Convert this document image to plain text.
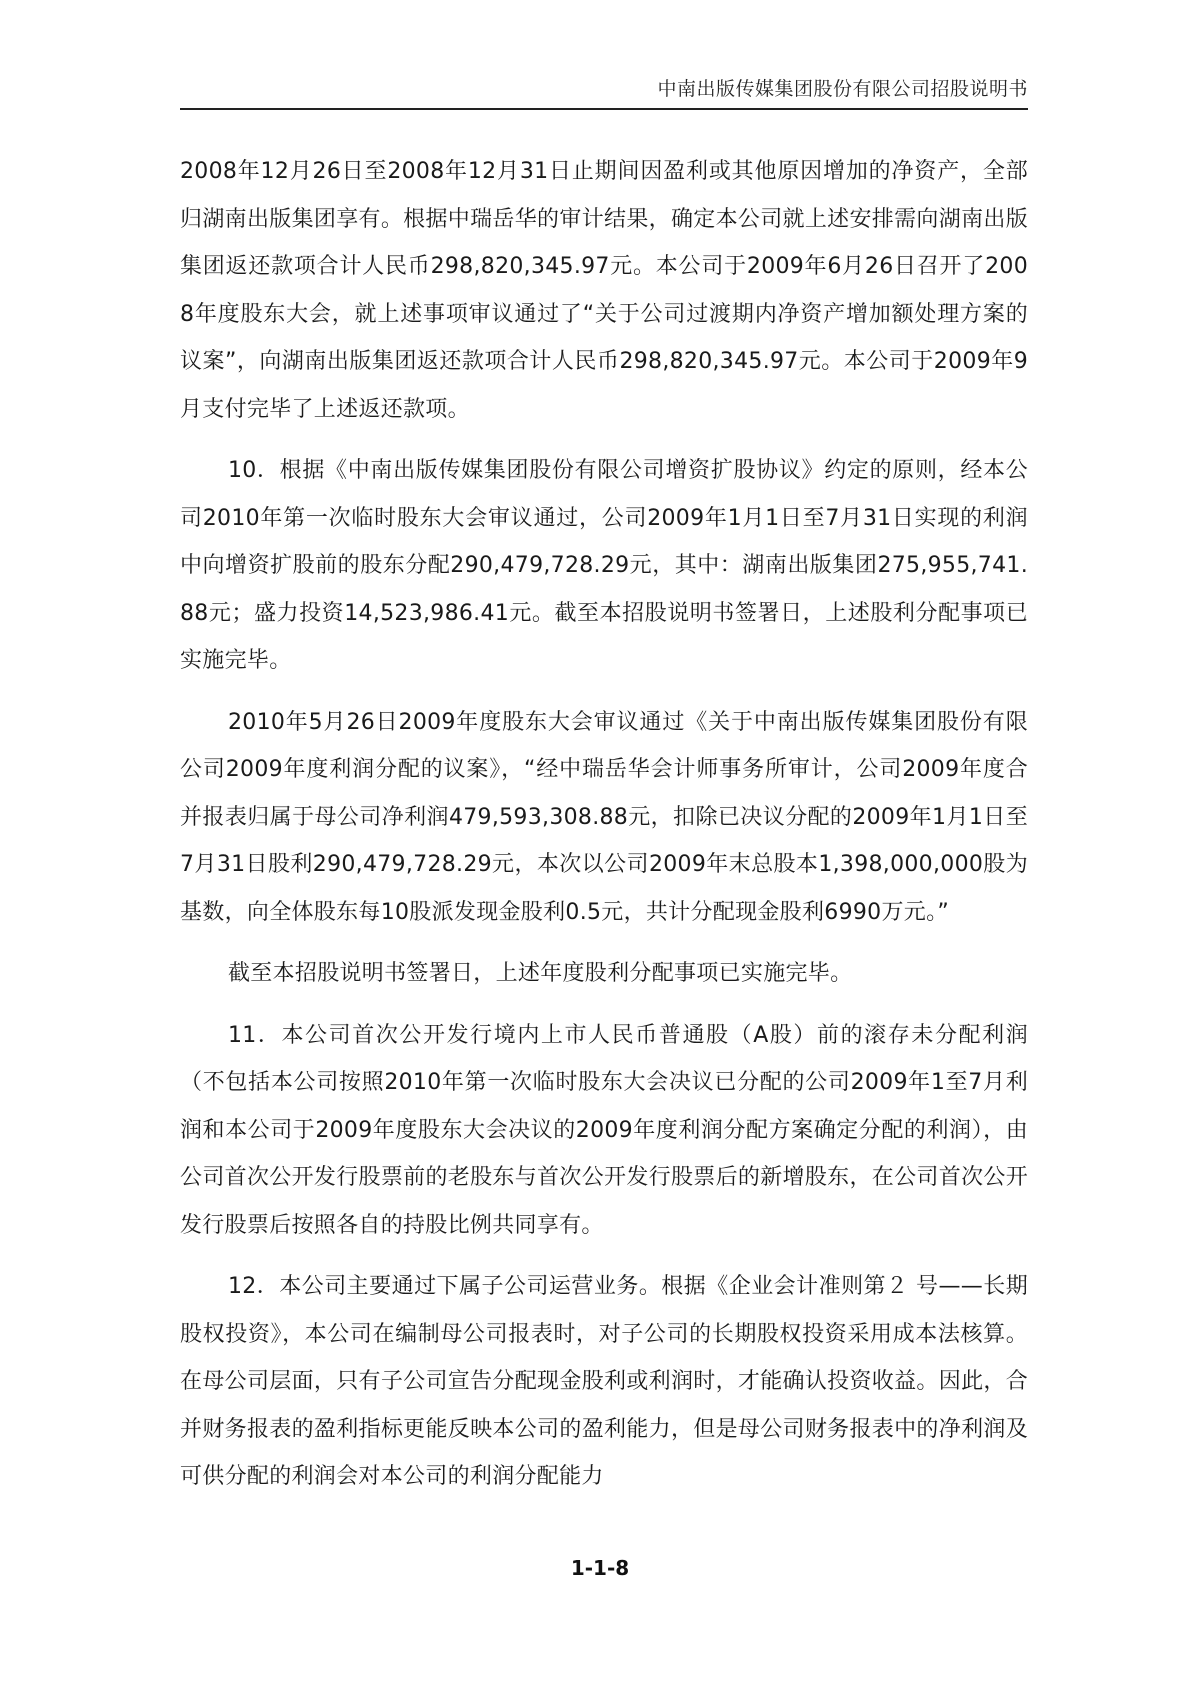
中南出版传媒集团股份有限公司招股说明书

2008年12月26日至2008年12月31日止期间因盈利或其他原因增加的净资产，全部归湖南出版集团享有。根据中瑞岳华的审计结果，确定本公司就上述安排需向湖南出版集团返还款项合计人民币298,820,345.97元。本公司于2009年6月26日召开了2008年度股东大会，就上述事项审议通过了“关于公司过渡期内净资产增加额处理方案的议案”，向湖南出版集团返还款项合计人民币298,820,345.97元。本公司于2009年9月支付完毕了上述返还款项。

10．根据《中南出版传媒集团股份有限公司增资扩股协议》约定的原则，经本公司2010年第一次临时股东大会审议通过，公司2009年1月1日至7月31日实现的利润中向增资扩股前的股东分配290,479,728.29元，其中：湖南出版集团275,955,741.88元；盛力投资14,523,986.41元。截至本招股说明书签署日，上述股利分配事项已实施完毕。

2010年5月26日2009年度股东大会审议通过《关于中南出版传媒集团股份有限公司2009年度利润分配的议案》，“经中瑞岳华会计师事务所审计，公司2009年度合并报表归属于母公司净利润479,593,308.88元，扣除已决议分配的2009年1月1日至7月31日股利290,479,728.29元，本次以公司2009年末总股本1,398,000,000股为基数，向全体股东每10股派发现金股利0.5元，共计分配现金股利6990万元。”

截至本招股说明书签署日，上述年度股利分配事项已实施完毕。

11．本公司首次公开发行境内上市人民币普通股（A股）前的滚存未分配利润（不包括本公司按照2010年第一次临时股东大会决议已分配的公司2009年1至7月利润和本公司于2009年度股东大会决议的2009年度利润分配方案确定分配的利润），由公司首次公开发行股票前的老股东与首次公开发行股票后的新增股东，在公司首次公开发行股票后按照各自的持股比例共同享有。

12．本公司主要通过下属子公司运营业务。根据《企业会计准则第２ 号——长期股权投资》，本公司在编制母公司报表时，对子公司的长期股权投资采用成本法核算。在母公司层面，只有子公司宣告分配现金股利或利润时，才能确认投资收益。因此，合并财务报表的盈利指标更能反映本公司的盈利能力，但是母公司财务报表中的净利润及可供分配的利润会对本公司的利润分配能力

1-1-8
